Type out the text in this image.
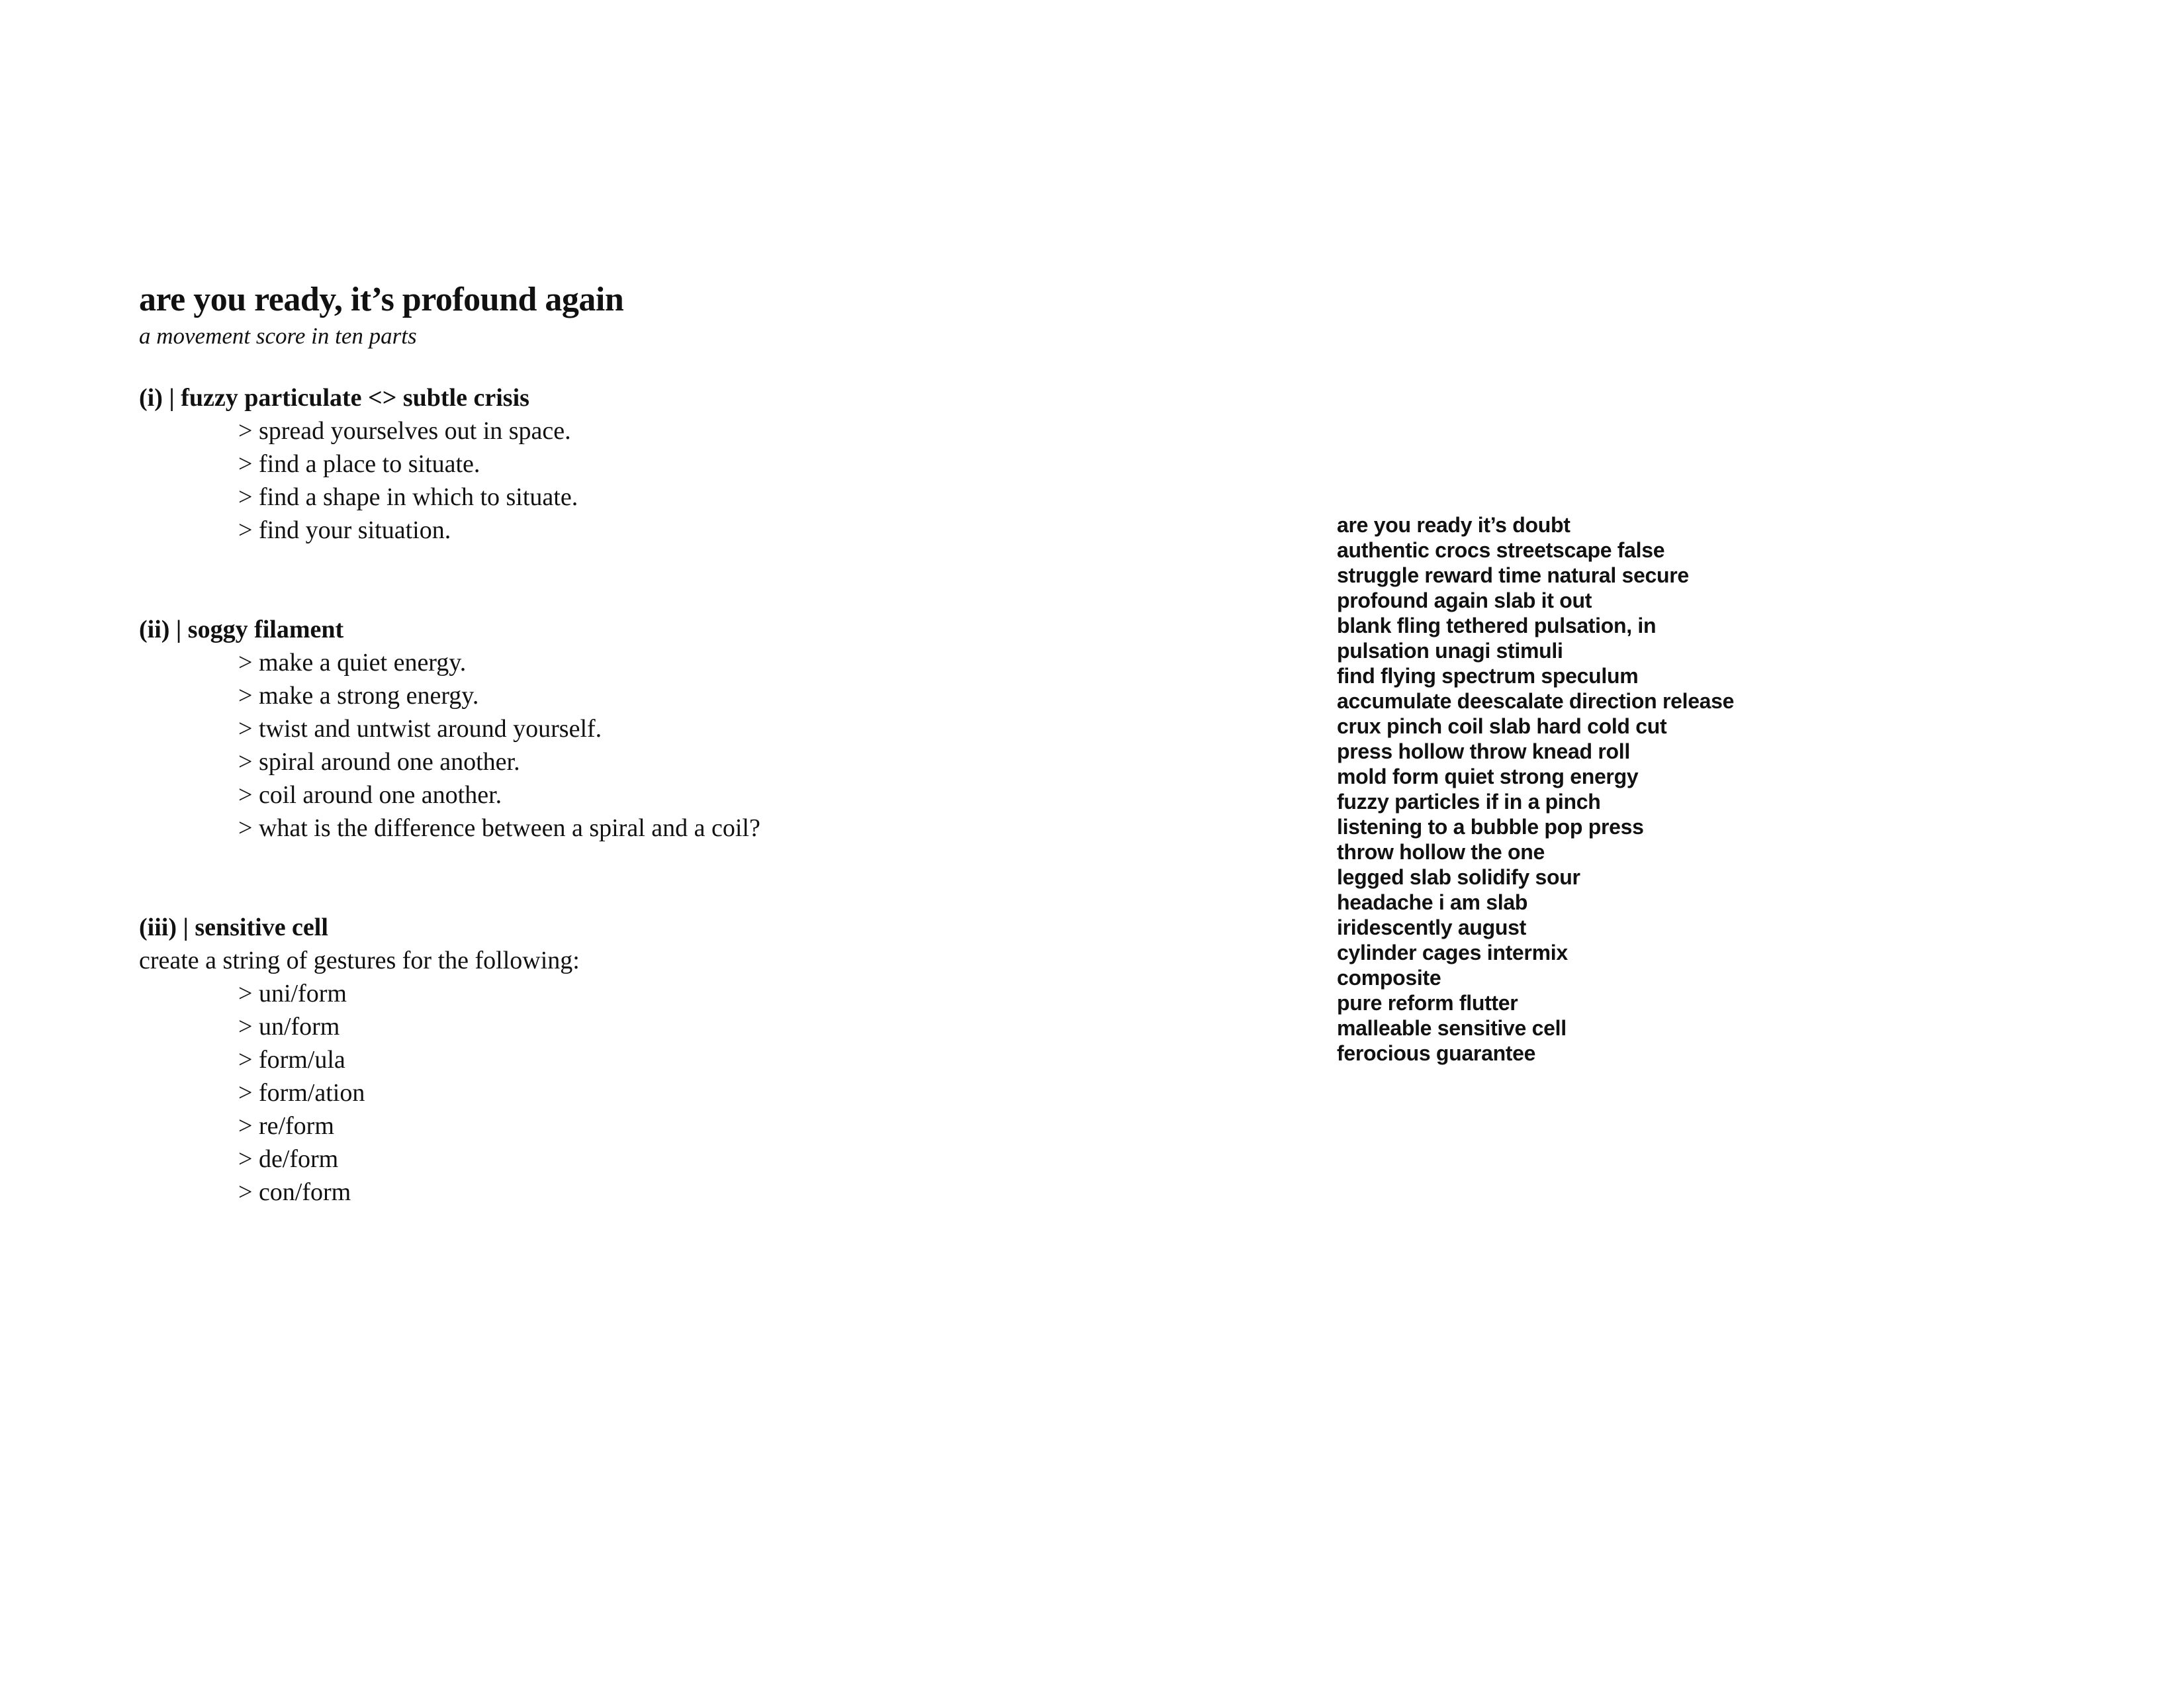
are you ready, it’s profound again

a movement score in ten parts

(i) | fuzzy particulate <> subtle crisis

> spread yourselves out in space.
> find a place to situate.
> find a shape in which to situate.
> find your situation.

(ii) | soggy filament

> make a quiet energy.
> make a strong energy.
> twist and untwist around yourself.
> spiral around one another.
> coil around one another.
> what is the difference between a spiral and a coil?

(iii) | sensitive cell

create a string of gestures for the following:

> uni/form
> un/form
> form/ula
> form/ation
> re/form
> de/form
> con/form
are you ready it’s doubt
authentic crocs streetscape false
struggle reward time natural secure
profound again slab it out
blank fling tethered pulsation, in
pulsation unagi stimuli
find flying spectrum speculum
accumulate deescalate direction release
crux pinch coil slab hard cold cut
press hollow throw knead roll
mold form quiet strong energy
fuzzy particles if in a pinch
listening to a bubble pop press
throw hollow the one
legged slab solidify sour
headache i am slab
iridescently august
cylinder cages intermix
composite
pure reform flutter
malleable sensitive cell
ferocious guarantee
